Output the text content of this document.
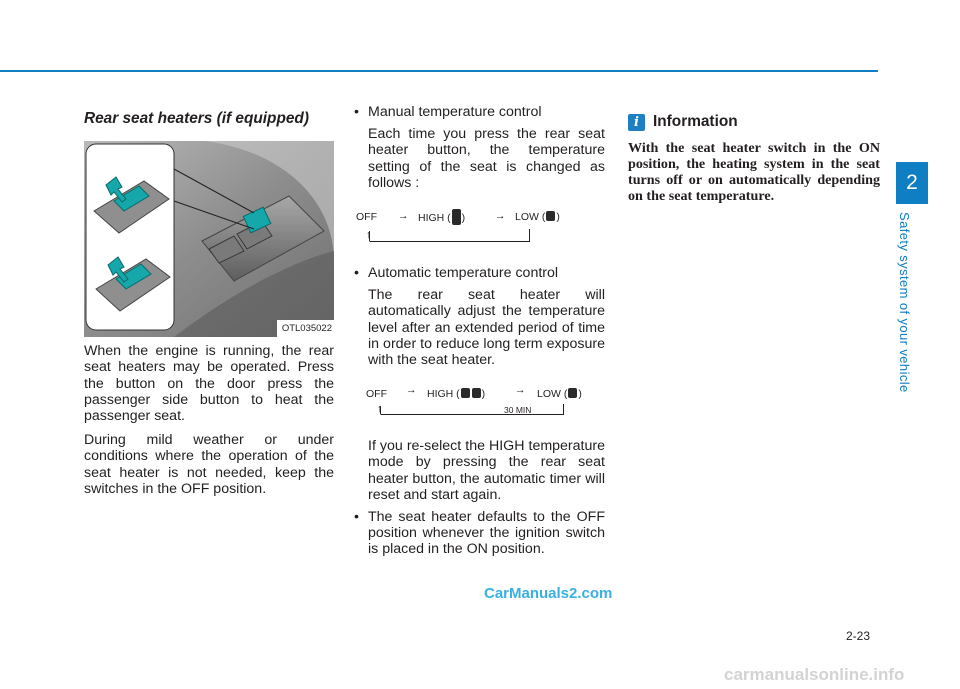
Rear seat heaters (if equipped)
OTL035022

When the engine is running, the rear seat heaters may be operated. Press the button on the door press the passenger side button to heat the passenger seat.

During mild weather or under conditions where the operation of the seat heater is not needed, keep the switches in the OFF position.

• Manual temperature control
Each time you press the rear seat heater button, the temperature setting of the seat is changed as follows :
OFF → HIGH ( )	→ LOW ( )
↑
• Automatic temperature control
The rear seat heater will automatically adjust the temperature level after an extended period of time in order to reduce long term exposure with the seat heater.
OFF → HIGH ( )	→ LOW ( )
↑	30 MIN

If you re-select the HIGH temperature mode by pressing the rear seat heater button, the automatic timer will reset and start again.

• The seat heater defaults to the OFF position whenever the ignition switch is placed in the ON position.
i Information
With the seat heater switch in the ON position, the heating system in the seat turns off or on automatically depending on the seat temperature.
2
Safety system of your vehicle
2-23
CarManuals2.com
carmanualsonline.info
